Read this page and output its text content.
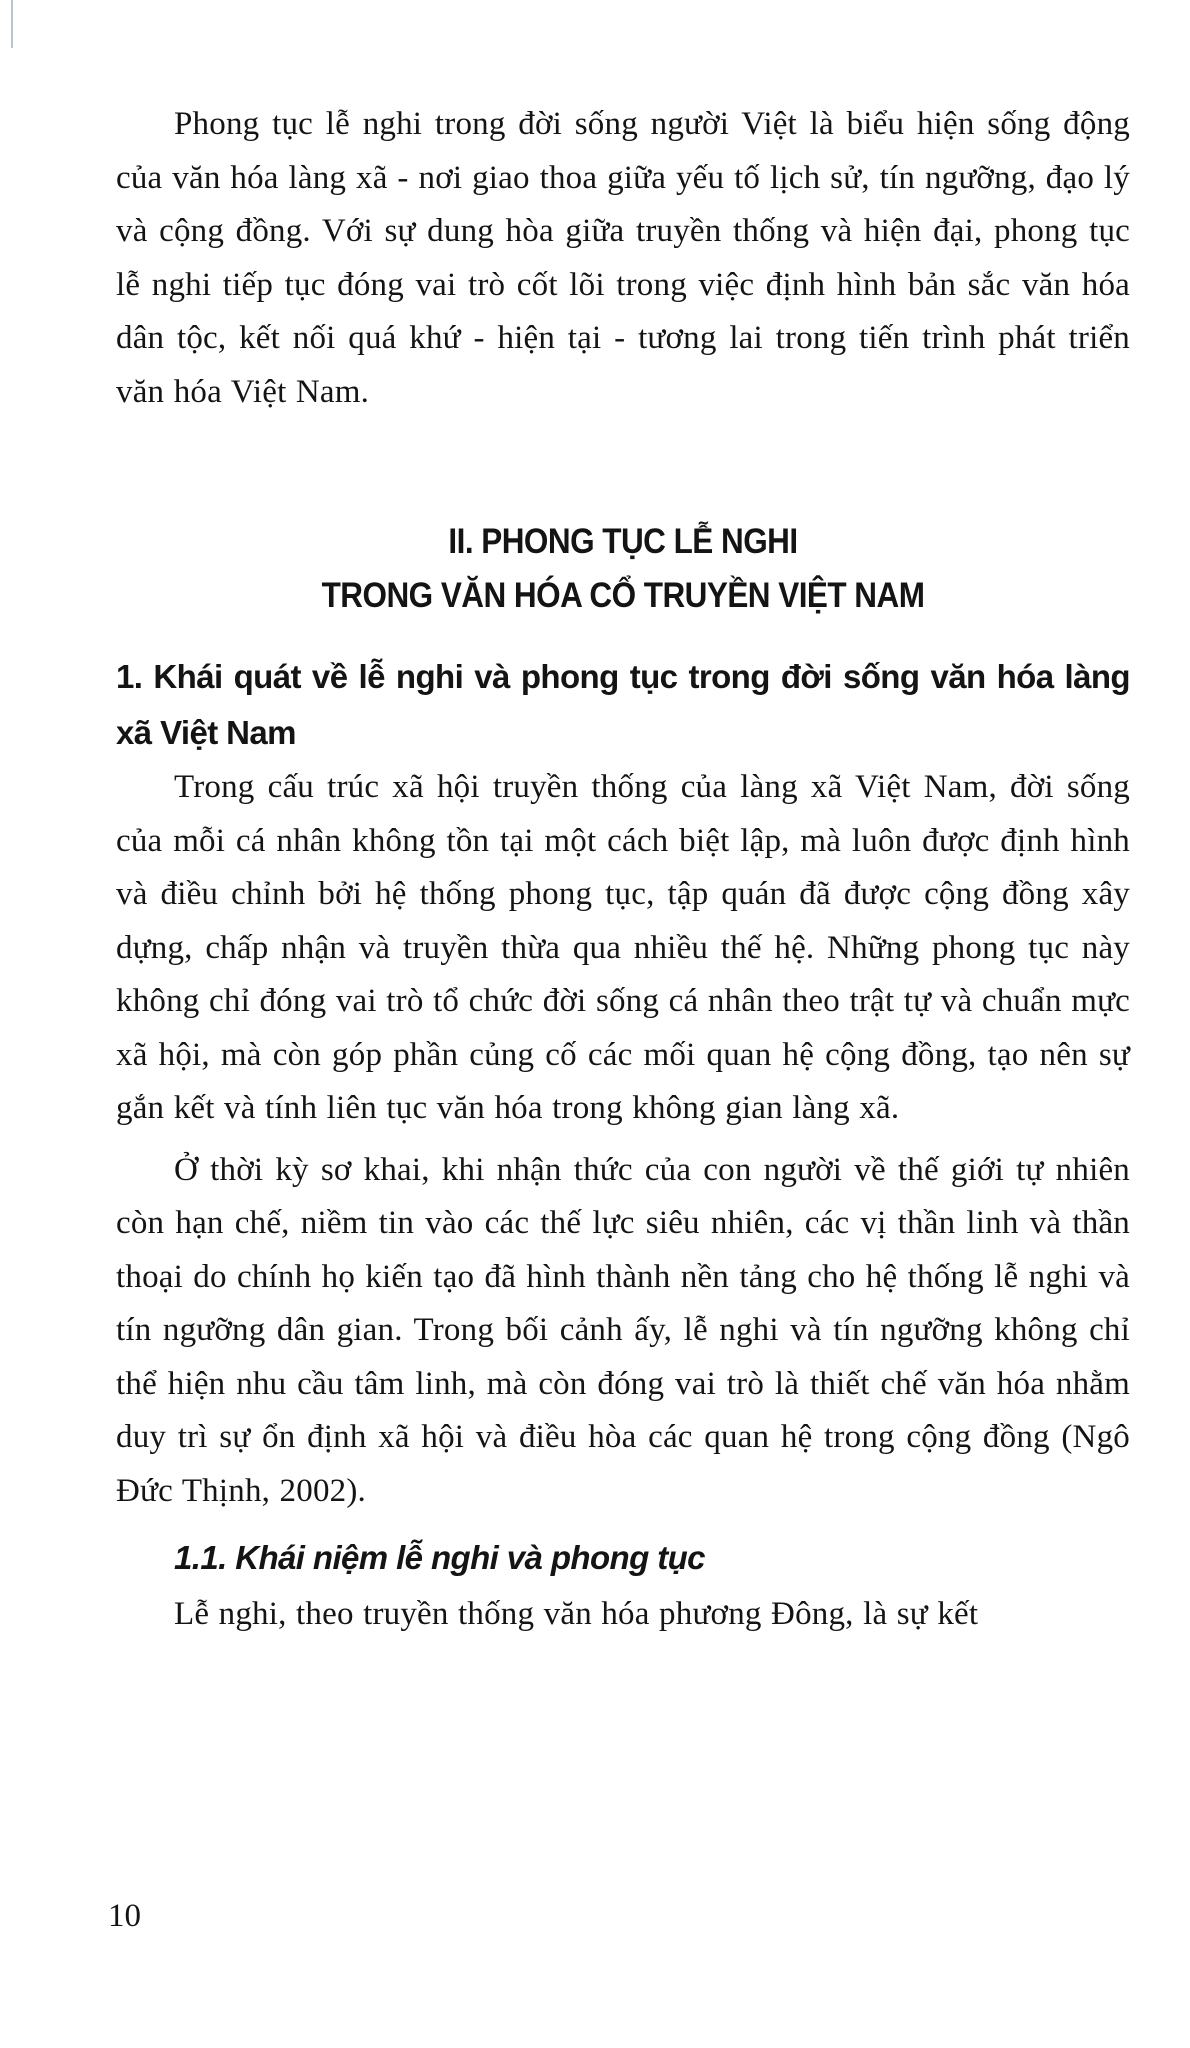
Phong tục lễ nghi trong đời sống người Việt là biểu hiện sống động của văn hóa làng xã - nơi giao thoa giữa yếu tố lịch sử, tín ngưỡng, đạo lý và cộng đồng. Với sự dung hòa giữa truyền thống và hiện đại, phong tục lễ nghi tiếp tục đóng vai trò cốt lõi trong việc định hình bản sắc văn hóa dân tộc, kết nối quá khứ - hiện tại - tương lai trong tiến trình phát triển văn hóa Việt Nam.

II. PHONG TỤC LỄ NGHI
TRONG VĂN HÓA CỔ TRUYỀN VIỆT NAM
1. Khái quát về lễ nghi và phong tục trong đời sống văn hóa làng xã Việt Nam

Trong cấu trúc xã hội truyền thống của làng xã Việt Nam, đời sống của mỗi cá nhân không tồn tại một cách biệt lập, mà luôn được định hình và điều chỉnh bởi hệ thống phong tục, tập quán đã được cộng đồng xây dựng, chấp nhận và truyền thừa qua nhiều thế hệ. Những phong tục này không chỉ đóng vai trò tổ chức đời sống cá nhân theo trật tự và chuẩn mực xã hội, mà còn góp phần củng cố các mối quan hệ cộng đồng, tạo nên sự gắn kết và tính liên tục văn hóa trong không gian làng xã.

Ở thời kỳ sơ khai, khi nhận thức của con người về thế giới tự nhiên còn hạn chế, niềm tin vào các thế lực siêu nhiên, các vị thần linh và thần thoại do chính họ kiến tạo đã hình thành nền tảng cho hệ thống lễ nghi và tín ngưỡng dân gian. Trong bối cảnh ấy, lễ nghi và tín ngưỡng không chỉ thể hiện nhu cầu tâm linh, mà còn đóng vai trò là thiết chế văn hóa nhằm duy trì sự ổn định xã hội và điều hòa các quan hệ trong cộng đồng (Ngô Đức Thịnh, 2002).

1.1. Khái niệm lễ nghi và phong tục

Lễ nghi, theo truyền thống văn hóa phương Đông, là sự kết

10
